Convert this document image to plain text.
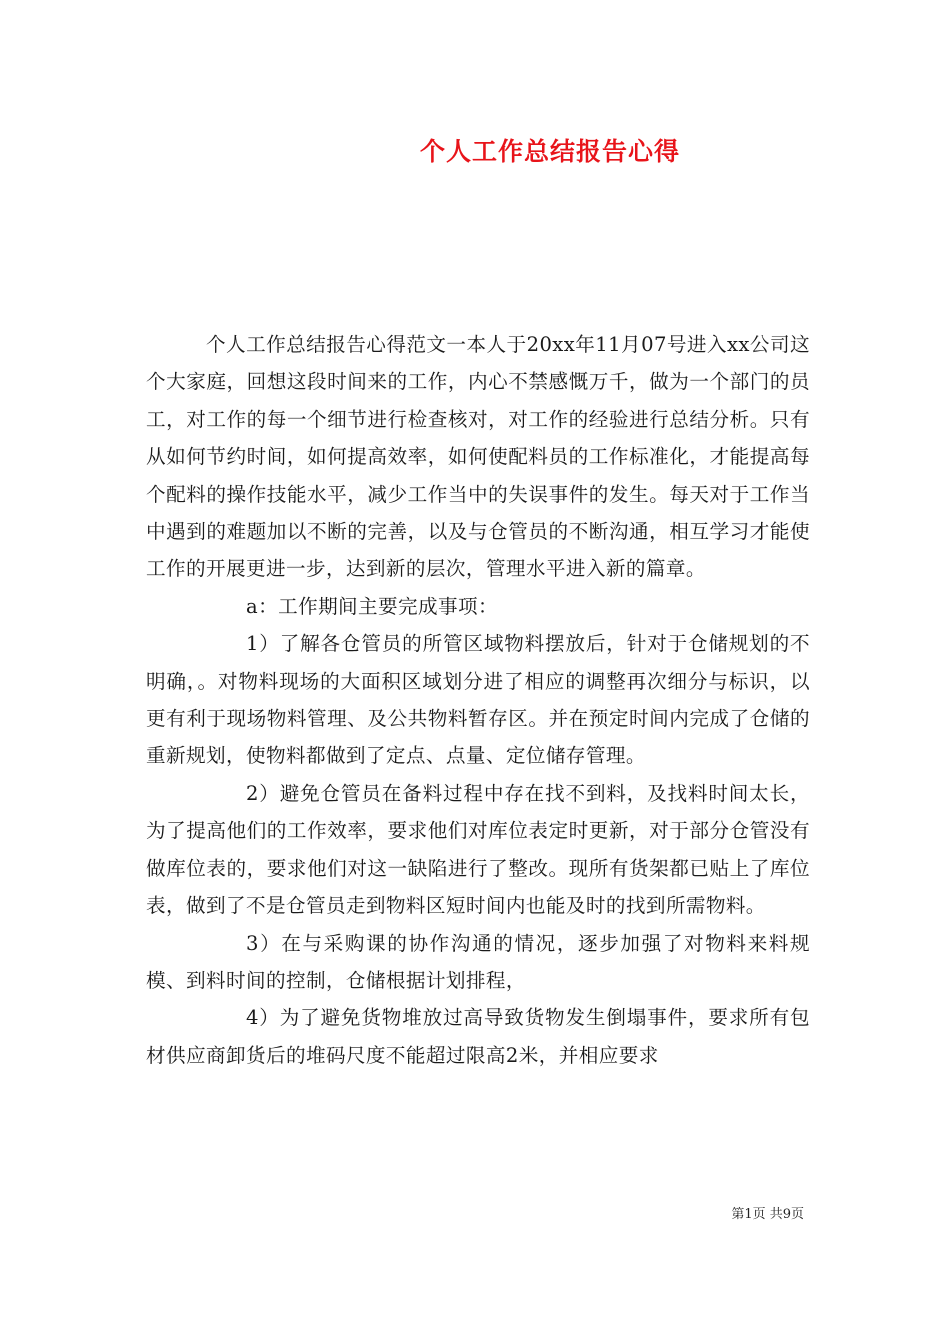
个人工作总结报告心得

个人工作总结报告心得范文一本人于20xx年11月07号进入xx公司这个大家庭，回想这段时间来的工作，内心不禁感慨万千，做为一个部门的员工，对工作的每一个细节进行检查核对，对工作的经验进行总结分析。只有从如何节约时间，如何提高效率，如何使配料员的工作标准化，才能提高每个配料的操作技能水平，减少工作当中的失误事件的发生。每天对于工作当中遇到的难题加以不断的完善，以及与仓管员的不断沟通，相互学习才能使工作的开展更进一步，达到新的层次，管理水平进入新的篇章。

a：工作期间主要完成事项：

1）了解各仓管员的所管区域物料摆放后，针对于仓储规划的不明确，。对物料现场的大面积区域划分进了相应的调整再次细分与标识，以更有利于现场物料管理、及公共物料暂存区。并在预定时间内完成了仓储的重新规划，使物料都做到了定点、点量、定位储存管理。

2）避免仓管员在备料过程中存在找不到料，及找料时间太长，为了提高他们的工作效率，要求他们对库位表定时更新，对于部分仓管没有做库位表的，要求他们对这一缺陷进行了整改。现所有货架都已贴上了库位表，做到了不是仓管员走到物料区短时间内也能及时的找到所需物料。

3）在与采购课的协作沟通的情况，逐步加强了对物料来料规模、到料时间的控制，仓储根据计划排程，

4）为了避免货物堆放过高导致货物发生倒塌事件，要求所有包材供应商卸货后的堆码尺度不能超过限高2米，并相应要求

第1页 共9页
